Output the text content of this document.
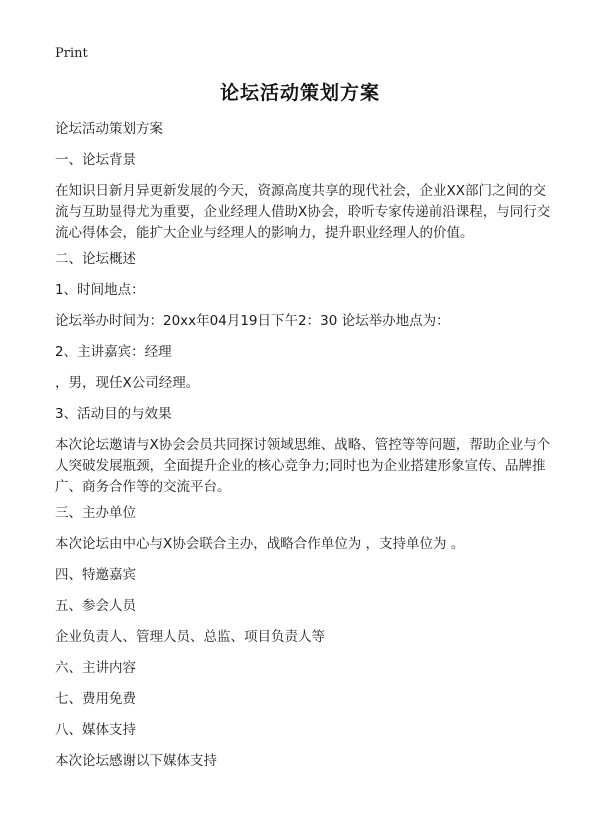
Print
论坛活动策划方案
论坛活动策划方案
一、论坛背景
在知识日新月异更新发展的今天，资源高度共享的现代社会，企业XX部门之间的交流与互助显得尤为重要，企业经理人借助X协会，聆听专家传递前沿课程，与同行交流心得体会，能扩大企业与经理人的影响力，提升职业经理人的价值。
二、论坛概述
1、时间地点：
论坛举办时间为：20xx年04月19日下午2：30 论坛举办地点为：
2、主讲嘉宾：经理
，男，现任X公司经理。
3、活动目的与效果
本次论坛邀请与X协会会员共同探讨领域思维、战略、管控等等问题，帮助企业与个人突破发展瓶颈，全面提升企业的核心竞争力;同时也为企业搭建形象宣传、品牌推广、商务合作等的交流平台。
三、主办单位
本次论坛由中心与X协会联合主办，战略合作单位为 ，支持单位为 。
四、特邀嘉宾
五、参会人员
企业负责人、管理人员、总监、项目负责人等
六、主讲内容
七、费用免费
八、媒体支持
本次论坛感谢以下媒体支持
